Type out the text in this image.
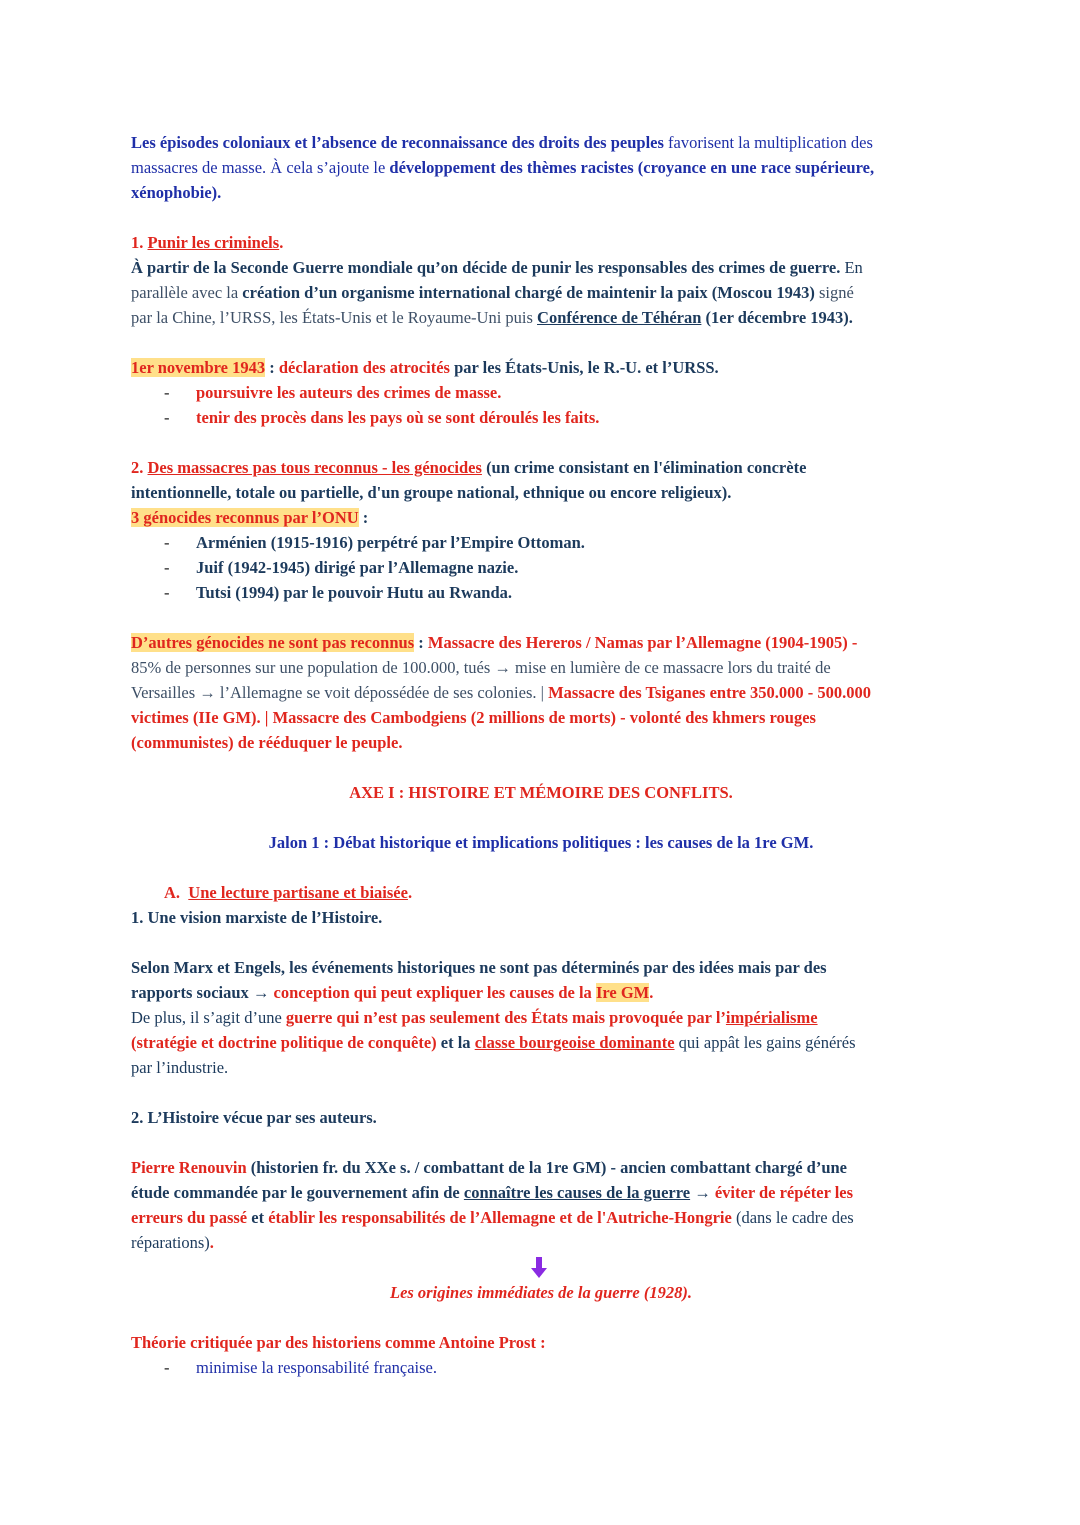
Les épisodes coloniaux et l’absence de reconnaissance des droits des peuples favorisent la multiplication des
massacres de masse. À cela s’ajoute le développement des thèmes racistes (croyance en une race supérieure,
xénophobie).
1. Punir les criminels.
À partir de la Seconde Guerre mondiale qu’on décide de punir les responsables des crimes de guerre. En
parallèle avec la création d’un organisme international chargé de maintenir la paix (Moscou 1943) signé
par la Chine, l’URSS, les États-Unis et le Royaume-Uni puis Conférence de Téhéran (1er décembre 1943).
1er novembre 1943 : déclaration des atrocités par les États-Unis, le R.-U. et l’URSS.
- poursuivre les auteurs des crimes de masse.
- tenir des procès dans les pays où se sont déroulés les faits.
2. Des massacres pas tous reconnus - les génocides (un crime consistant en l'élimination concrète
intentionnelle, totale ou partielle, d'un groupe national, ethnique ou encore religieux).
3 génocides reconnus par l’ONU :
- Arménien (1915-1916) perpétré par l’Empire Ottoman.
- Juif (1942-1945) dirigé par l’Allemagne nazie.
- Tutsi (1994) par le pouvoir Hutu au Rwanda.
D’autres génocides ne sont pas reconnus : Massacre des Hereros / Namas par l’Allemagne (1904-1905) -
85% de personnes sur une population de 100.000, tués → mise en lumière de ce massacre lors du traité de
Versailles → l’Allemagne se voit dépossédée de ses colonies. | Massacre des Tsiganes entre 350.000 - 500.000
victimes (IIe GM). | Massacre des Cambodgiens (2 millions de morts) - volonté des khmers rouges
(communistes) de rééduquer le peuple.
AXE I : HISTOIRE ET MÉMOIRE DES CONFLITS.
Jalon 1 : Débat historique et implications politiques : les causes de la 1re GM.
A. Une lecture partisane et biaisée.
1. Une vision marxiste de l’Histoire.
Selon Marx et Engels, les événements historiques ne sont pas déterminés par des idées mais par des
rapports sociaux → conception qui peut expliquer les causes de la Ire GM.
De plus, il s’agit d’une guerre qui n’est pas seulement des États mais provoquée par l’impérialisme
(stratégie et doctrine politique de conquête) et la classe bourgeoise dominante qui appât les gains générés
par l’industrie.
2. L’Histoire vécue par ses auteurs.
Pierre Renouvin (historien fr. du XXe s. / combattant de la 1re GM) - ancien combattant chargé d’une
étude commandée par le gouvernement afin de connaître les causes de la guerre → éviter de répéter les
erreurs du passé et établir les responsabilités de l’Allemagne et de l'Autriche-Hongrie (dans le cadre des
réparations).
Les origines immédiates de la guerre (1928).
Théorie critiquée par des historiens comme Antoine Prost :
- minimise la responsabilité française.
